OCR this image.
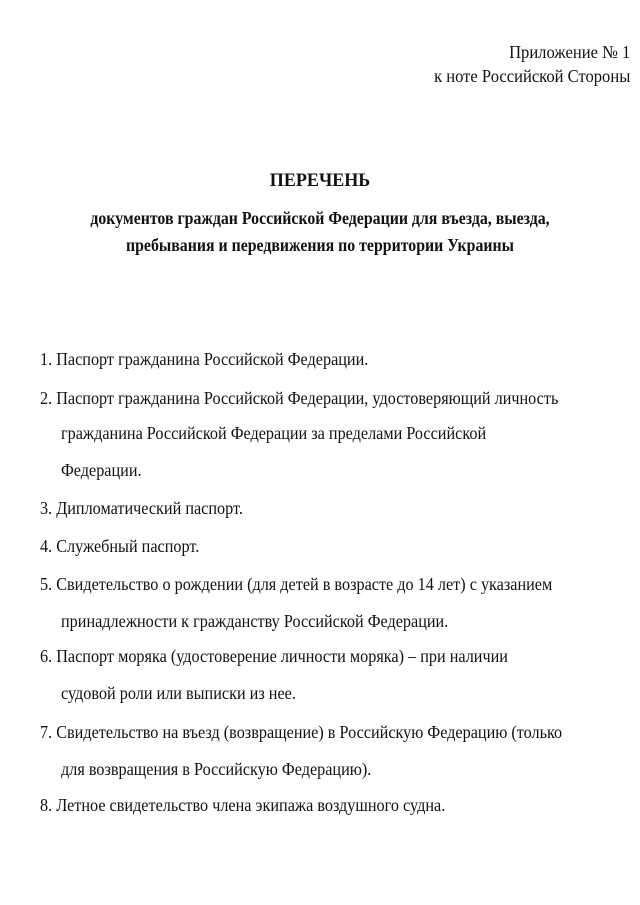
Приложение № 1
к ноте Российской Стороны
ПЕРЕЧЕНЬ
документов граждан Российской Федерации для въезда, выезда,
пребывания и передвижения по территории Украины
1. Паспорт гражданина Российской Федерации.
2. Паспорт гражданина Российской Федерации, удостоверяющий личность
гражданина Российской Федерации за пределами Российской
Федерации.
3. Дипломатический паспорт.
4. Служебный паспорт.
5. Свидетельство о рождении (для детей в возрасте до 14 лет) с указанием
принадлежности к гражданству Российской Федерации.
6. Паспорт моряка (удостоверение личности моряка) – при наличии
судовой роли или выписки из нее.
7. Свидетельство на въезд (возвращение) в Российскую Федерацию (только
для возвращения в Российскую Федерацию).
8. Летное свидетельство члена экипажа воздушного судна.
